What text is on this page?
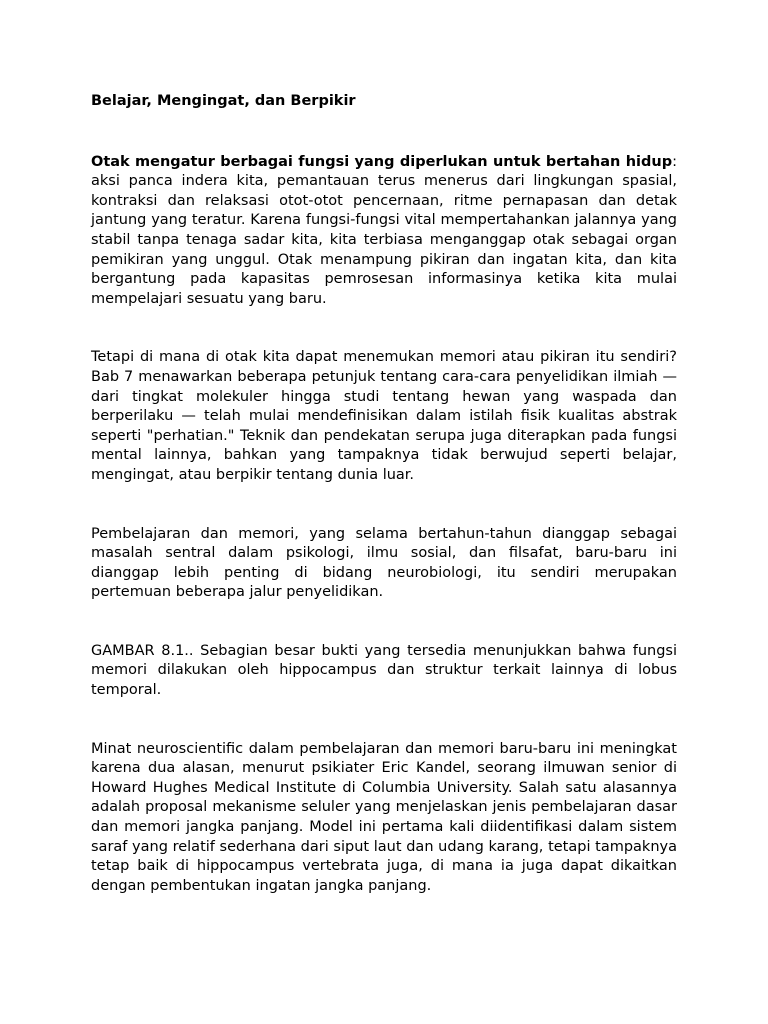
Belajar, Mengingat, dan Berpikir

Otak mengatur berbagai fungsi yang diperlukan untuk bertahan hidup: aksi panca indera kita, pemantauan terus menerus dari lingkungan spasial, kontraksi dan relaksasi otot-otot pencernaan, ritme pernapasan dan detak jantung yang teratur. Karena fungsi-fungsi vital mempertahankan jalannya yang stabil tanpa tenaga sadar kita, kita terbiasa menganggap otak sebagai organ pemikiran yang unggul. Otak menampung pikiran dan ingatan kita, dan kita bergantung pada kapasitas pemrosesan informasinya ketika kita mulai mempelajari sesuatu yang baru.

Tetapi di mana di otak kita dapat menemukan memori atau pikiran itu sendiri? Bab 7 menawarkan beberapa petunjuk tentang cara-cara penyelidikan ilmiah — dari tingkat molekuler hingga studi tentang hewan yang waspada dan berperilaku — telah mulai mendefinisikan dalam istilah fisik kualitas abstrak seperti "perhatian." Teknik dan pendekatan serupa juga diterapkan pada fungsi mental lainnya, bahkan yang tampaknya tidak berwujud seperti belajar, mengingat, atau berpikir tentang dunia luar.

Pembelajaran dan memori, yang selama bertahun-tahun dianggap sebagai masalah sentral dalam psikologi, ilmu sosial, dan filsafat, baru-baru ini dianggap lebih penting di bidang neurobiologi, itu sendiri merupakan pertemuan beberapa jalur penyelidikan.

GAMBAR 8.1.. Sebagian besar bukti yang tersedia menunjukkan bahwa fungsi memori dilakukan oleh hippocampus dan struktur terkait lainnya di lobus temporal.

Minat neuroscientific dalam pembelajaran dan memori baru-baru ini meningkat karena dua alasan, menurut psikiater Eric Kandel, seorang ilmuwan senior di Howard Hughes Medical Institute di Columbia University. Salah satu alasannya adalah proposal mekanisme seluler yang menjelaskan jenis pembelajaran dasar dan memori jangka panjang. Model ini pertama kali diidentifikasi dalam sistem saraf yang relatif sederhana dari siput laut dan udang karang, tetapi tampaknya tetap baik di hippocampus vertebrata juga, di mana ia juga dapat dikaitkan dengan pembentukan ingatan jangka panjang.
